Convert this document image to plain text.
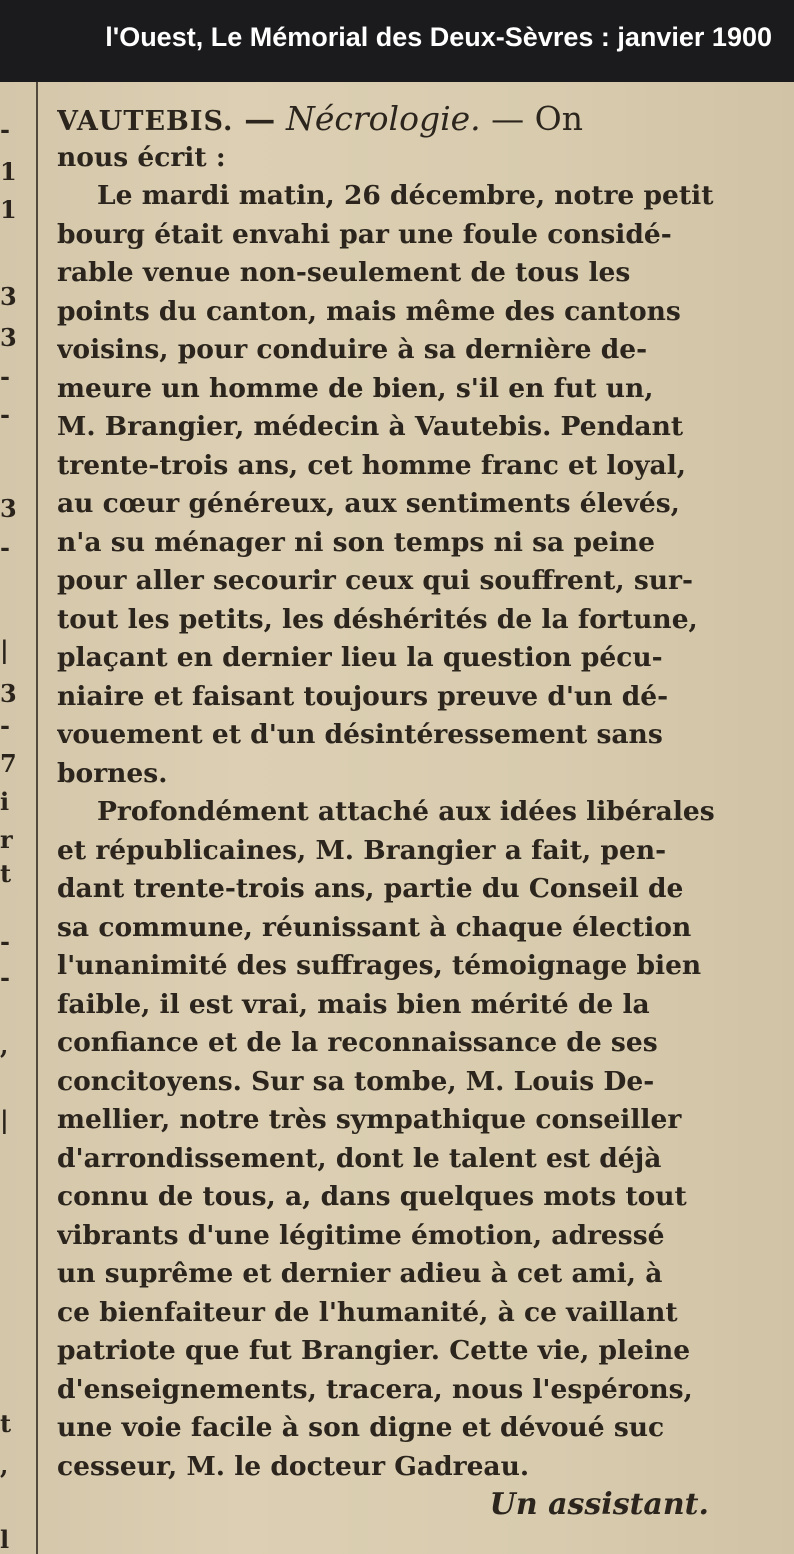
l'Ouest, Le Mémorial des Deux-Sèvres : janvier 1900
-
1
1
3
3
-
-
3
-
|
3
-
7
i
r
t
-
-
,
|
t
,
l
VAUTEBIS. — Nécrologie. — On
nous écrit :
Le mardi matin, 26 décembre, notre petit
bourg était envahi par une foule considé-
rable venue non-seulement de tous les
points du canton, mais même des cantons
voisins, pour conduire à sa dernière de-
meure un homme de bien, s'il en fut un,
M. Brangier, médecin à Vautebis. Pendant
trente-trois ans, cet homme franc et loyal,
au cœur généreux, aux sentiments élevés,
n'a su ménager ni son temps ni sa peine
pour aller secourir ceux qui souffrent, sur-
tout les petits, les déshérités de la fortune,
plaçant en dernier lieu la question pécu-
niaire et faisant toujours preuve d'un dé-
vouement et d'un désintéressement sans
bornes.
Profondément attaché aux idées libérales
et républicaines, M. Brangier a fait, pen-
dant trente-trois ans, partie du Conseil de
sa commune, réunissant à chaque élection
l'unanimité des suffrages, témoignage bien
faible, il est vrai, mais bien mérité de la
confiance et de la reconnaissance de ses
concitoyens. Sur sa tombe, M. Louis De-
mellier, notre très sympathique conseiller
d'arrondissement, dont le talent est déjà
connu de tous, a, dans quelques mots tout
vibrants d'une légitime émotion, adressé
un suprême et dernier adieu à cet ami, à
ce bienfaiteur de l'humanité, à ce vaillant
patriote que fut Brangier. Cette vie, pleine
d'enseignements, tracera, nous l'espérons,
une voie facile à son digne et dévoué suc
cesseur, M. le docteur Gadreau.
Un assistant.
